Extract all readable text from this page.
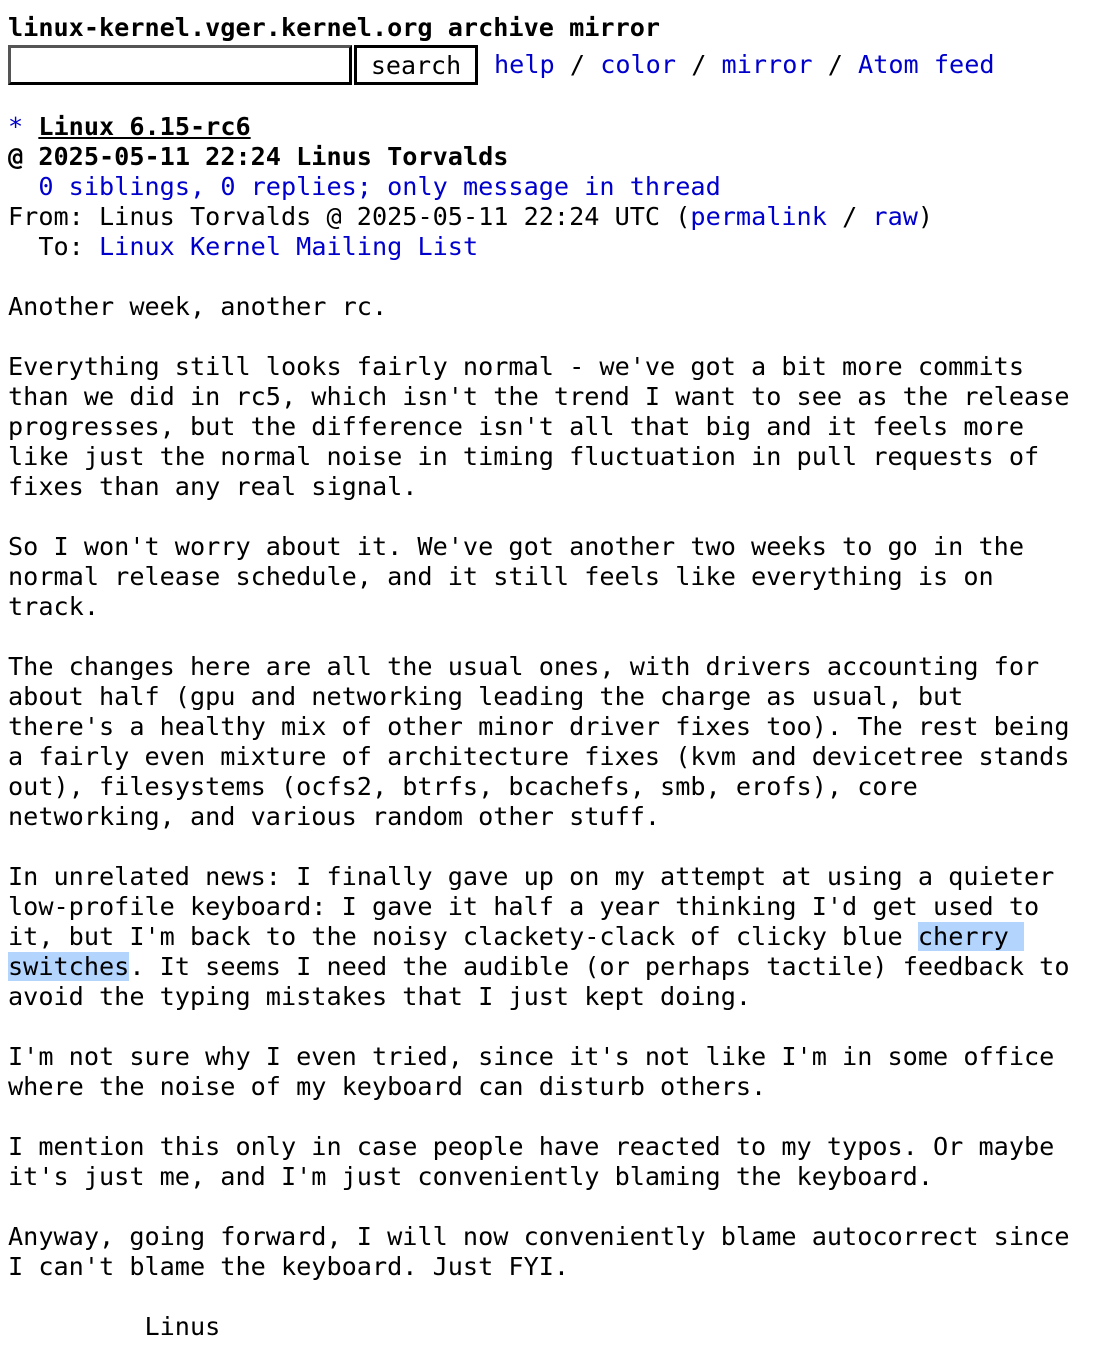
linux-kernel.vger.kernel.org archive mirror
search	help / color / mirror / Atom feed
* Linux 6.15-rc6
@ 2025-05-11 22:24 Linus Torvalds
0 siblings, 0 replies; only message in thread
From: Linus Torvalds @ 2025-05-11 22:24 UTC (permalink / raw)
To: Linux Kernel Mailing List
Another week, another rc.
Everything still looks fairly normal - we've got a bit more commits
than we did in rc5, which isn't the trend I want to see as the release
progresses, but the difference isn't all that big and it feels more
like just the normal noise in timing fluctuation in pull requests of
fixes than any real signal.
So I won't worry about it. We've got another two weeks to go in the
normal release schedule, and it still feels like everything is on
track.
The changes here are all the usual ones, with drivers accounting for
about half (gpu and networking leading the charge as usual, but
there's a healthy mix of other minor driver fixes too). The rest being
a fairly even mixture of architecture fixes (kvm and devicetree stands
out), filesystems (ocfs2, btrfs, bcachefs, smb, erofs), core
networking, and various random other stuff.
In unrelated news: I finally gave up on my attempt at using a quieter
low-profile keyboard: I gave it half a year thinking I'd get used to
it, but I'm back to the noisy clackety-clack of clicky blue cherry
switches. It seems I need the audible (or perhaps tactile) feedback to
avoid the typing mistakes that I just kept doing.
I'm not sure why I even tried, since it's not like I'm in some office
where the noise of my keyboard can disturb others.
I mention this only in case people have reacted to my typos. Or maybe
it's just me, and I'm just conveniently blaming the keyboard.
Anyway, going forward, I will now conveniently blame autocorrect since
I can't blame the keyboard. Just FYI.
Linus
